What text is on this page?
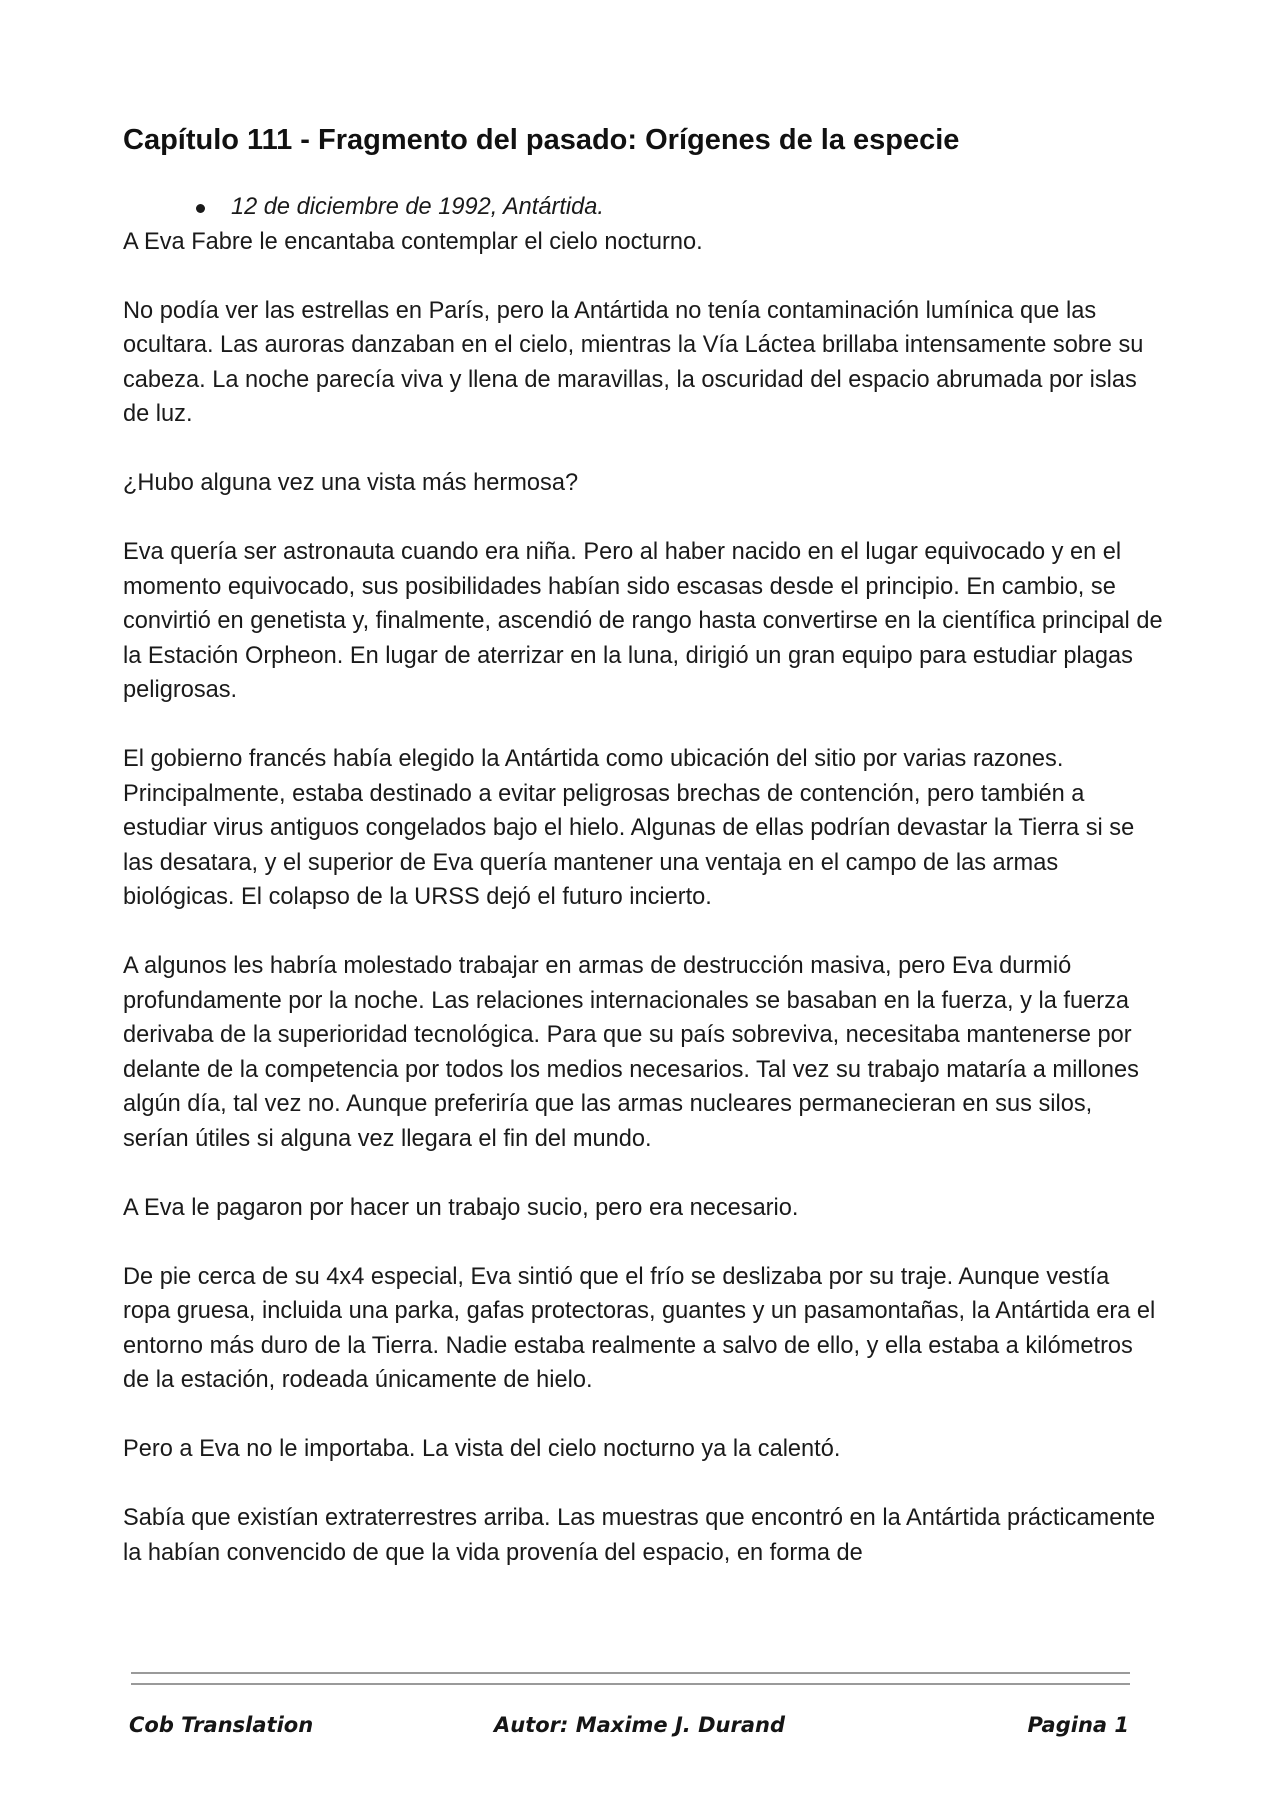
Capítulo 111 - Fragmento del pasado: Orígenes de la especie
12 de diciembre de 1992, Antártida.

A Eva Fabre le encantaba contemplar el cielo nocturno.

No podía ver las estrellas en París, pero la Antártida no tenía contaminación lumínica que las ocultara. Las auroras danzaban en el cielo, mientras la Vía Láctea brillaba intensamente sobre su cabeza. La noche parecía viva y llena de maravillas, la oscuridad del espacio abrumada por islas de luz.

¿Hubo alguna vez una vista más hermosa?

Eva quería ser astronauta cuando era niña. Pero al haber nacido en el lugar equivocado y en el momento equivocado, sus posibilidades habían sido escasas desde el principio. En cambio, se convirtió en genetista y, finalmente, ascendió de rango hasta convertirse en la científica principal de la Estación Orpheon. En lugar de aterrizar en la luna, dirigió un gran equipo para estudiar plagas peligrosas.

El gobierno francés había elegido la Antártida como ubicación del sitio por varias razones. Principalmente, estaba destinado a evitar peligrosas brechas de contención, pero también a estudiar virus antiguos congelados bajo el hielo. Algunas de ellas podrían devastar la Tierra si se las desatara, y el superior de Eva quería mantener una ventaja en el campo de las armas biológicas. El colapso de la URSS dejó el futuro incierto.

A algunos les habría molestado trabajar en armas de destrucción masiva, pero Eva durmió profundamente por la noche. Las relaciones internacionales se basaban en la fuerza, y la fuerza derivaba de la superioridad tecnológica. Para que su país sobreviva, necesitaba mantenerse por delante de la competencia por todos los medios necesarios. Tal vez su trabajo mataría a millones algún día, tal vez no. Aunque preferiría que las armas nucleares permanecieran en sus silos, serían útiles si alguna vez llegara el fin del mundo.

A Eva le pagaron por hacer un trabajo sucio, pero era necesario.

De pie cerca de su 4x4 especial, Eva sintió que el frío se deslizaba por su traje. Aunque vestía ropa gruesa, incluida una parka, gafas protectoras, guantes y un pasamontañas, la Antártida era el entorno más duro de la Tierra. Nadie estaba realmente a salvo de ello, y ella estaba a kilómetros de la estación, rodeada únicamente de hielo.

Pero a Eva no le importaba. La vista del cielo nocturno ya la calentó.

Sabía que existían extraterrestres arriba. Las muestras que encontró en la Antártida prácticamente la habían convencido de que la vida provenía del espacio, en forma de

Cob Translation	Autor: Maxime J. Durand	Pagina 1
